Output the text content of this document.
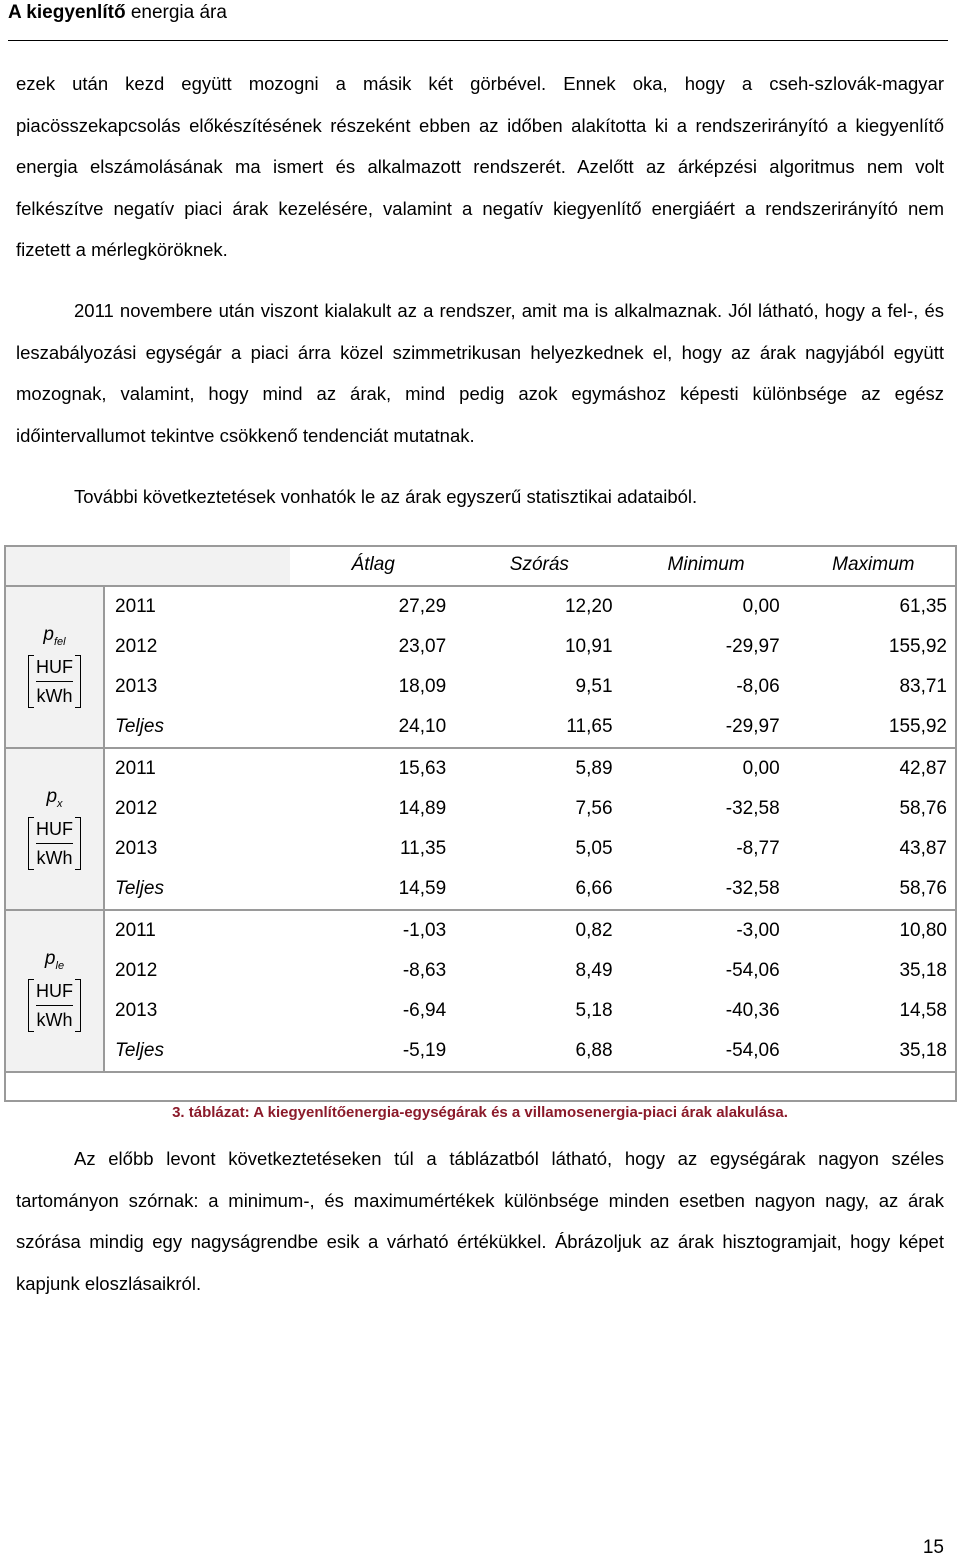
A kiegyenlítő energia ára

ezek után kezd együtt mozogni a másik két görbével. Ennek oka, hogy a cseh-szlovák-magyar piacösszekapcsolás előkészítésének részeként ebben az időben alakította ki a rendszerirányító a kiegyenlítő energia elszámolásának ma ismert és alkalmazott rendszerét. Azelőtt az árképzési algoritmus nem volt felkészítve negatív piaci árak kezelésére, valamint a negatív kiegyenlítő energiáért a rendszerirányító nem fizetett a mérlegköröknek.

2011 novembere után viszont kialakult az a rendszer, amit ma is alkalmaznak. Jól látható, hogy a fel-, és leszabályozási egységár a piaci árra közel szimmetrikusan helyezkednek el, hogy az árak nagyjából együtt mozognak, valamint, hogy mind az árak, mind pedig azok egymáshoz képesti különbsége az egész időintervallumot tekintve csökkenő tendenciát mutatnak.

További következtetések vonhatók le az árak egyszerű statisztikai adataiból.

		Átlag	Szórás	Minimum	Maximum

$p_{fel}$
HUF
kWh	2011	27,29	12,20	0,00	61,35
	2012	23,07	10,91	-29,97	155,92
	2013	18,09	9,51	-8,06	83,71
	Teljes	24,10	11,65	-29,97	155,92

$p_x$
HUF
kWh	2011	15,63	5,89	0,00	42,87
	2012	14,89	7,56	-32,58	58,76
	2013	11,35	5,05	-8,77	43,87
	Teljes	14,59	6,66	-32,58	58,76

$p_{le}$
HUF
kWh	2011	-1,03	0,82	-3,00	10,80
	2012	-8,63	8,49	-54,06	35,18
	2013	-6,94	5,18	-40,36	14,58
	Teljes	-5,19	6,88	-54,06	35,18
3. táblázat: A kiegyenlítőenergia-egységárak és a villamosenergia-piaci árak alakulása.

Az előbb levont következtetéseken túl a táblázatból látható, hogy az egységárak nagyon széles tartományon szórnak: a minimum-, és maximumértékek különbsége minden esetben nagyon nagy, az árak szórása mindig egy nagyságrendbe esik a várható értékükkel. Ábrázoljuk az árak hisztogramjait, hogy képet kapjunk eloszlásaikról.

15
